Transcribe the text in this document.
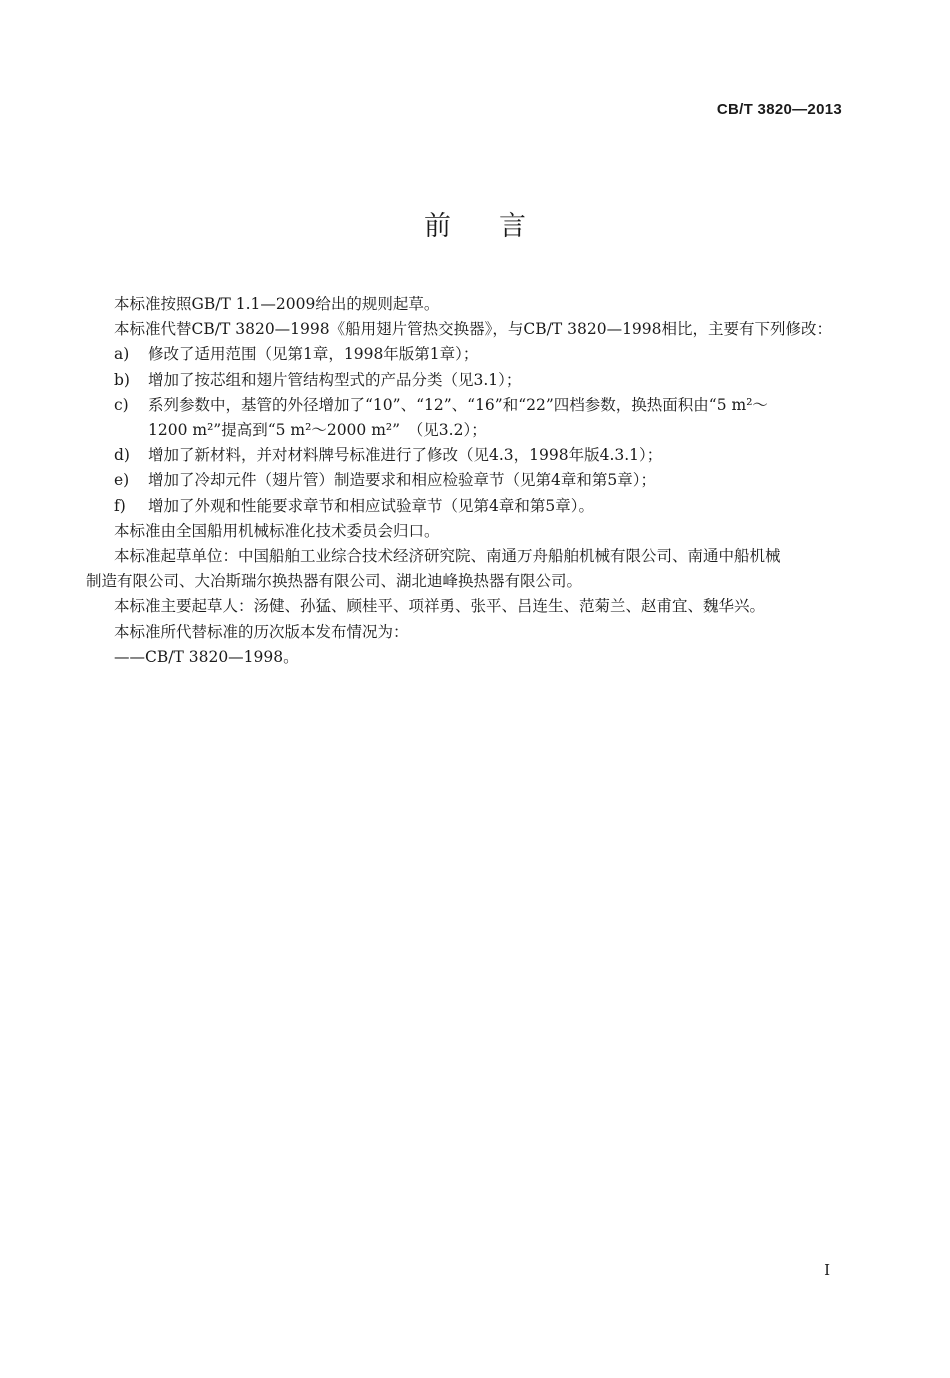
CB/T 3820—2013
前言
本标准按照GB/T 1.1—2009给出的规则起草。
本标准代替CB/T 3820—1998《船用翅片管热交换器》，与CB/T 3820—1998相比，主要有下列修改：
a)	修改了适用范围（见第1章，1998年版第1章）；
b)	增加了按芯组和翅片管结构型式的产品分类（见3.1）；
c)	系列参数中，基管的外径增加了“10”、“12”、“16”和“22”四档参数，换热面积由“5 m²～
1200 m²”提高到“5 m²～2000 m²”　（见3.2）；
d)	增加了新材料，并对材料牌号标准进行了修改（见4.3，1998年版4.3.1）；
e)	增加了冷却元件（翅片管）制造要求和相应检验章节（见第4章和第5章）；
f)	增加了外观和性能要求章节和相应试验章节（见第4章和第5章）。
本标准由全国船用机械标准化技术委员会归口。
本标准起草单位：中国船舶工业综合技术经济研究院、南通万舟船舶机械有限公司、南通中船机械
制造有限公司、大冶斯瑞尔换热器有限公司、湖北迪峰换热器有限公司。
本标准主要起草人：汤健、孙猛、顾桂平、项祥勇、张平、吕连生、范菊兰、赵甫宜、魏华兴。
本标准所代替标准的历次版本发布情况为：
——CB/T 3820—1998。
I
